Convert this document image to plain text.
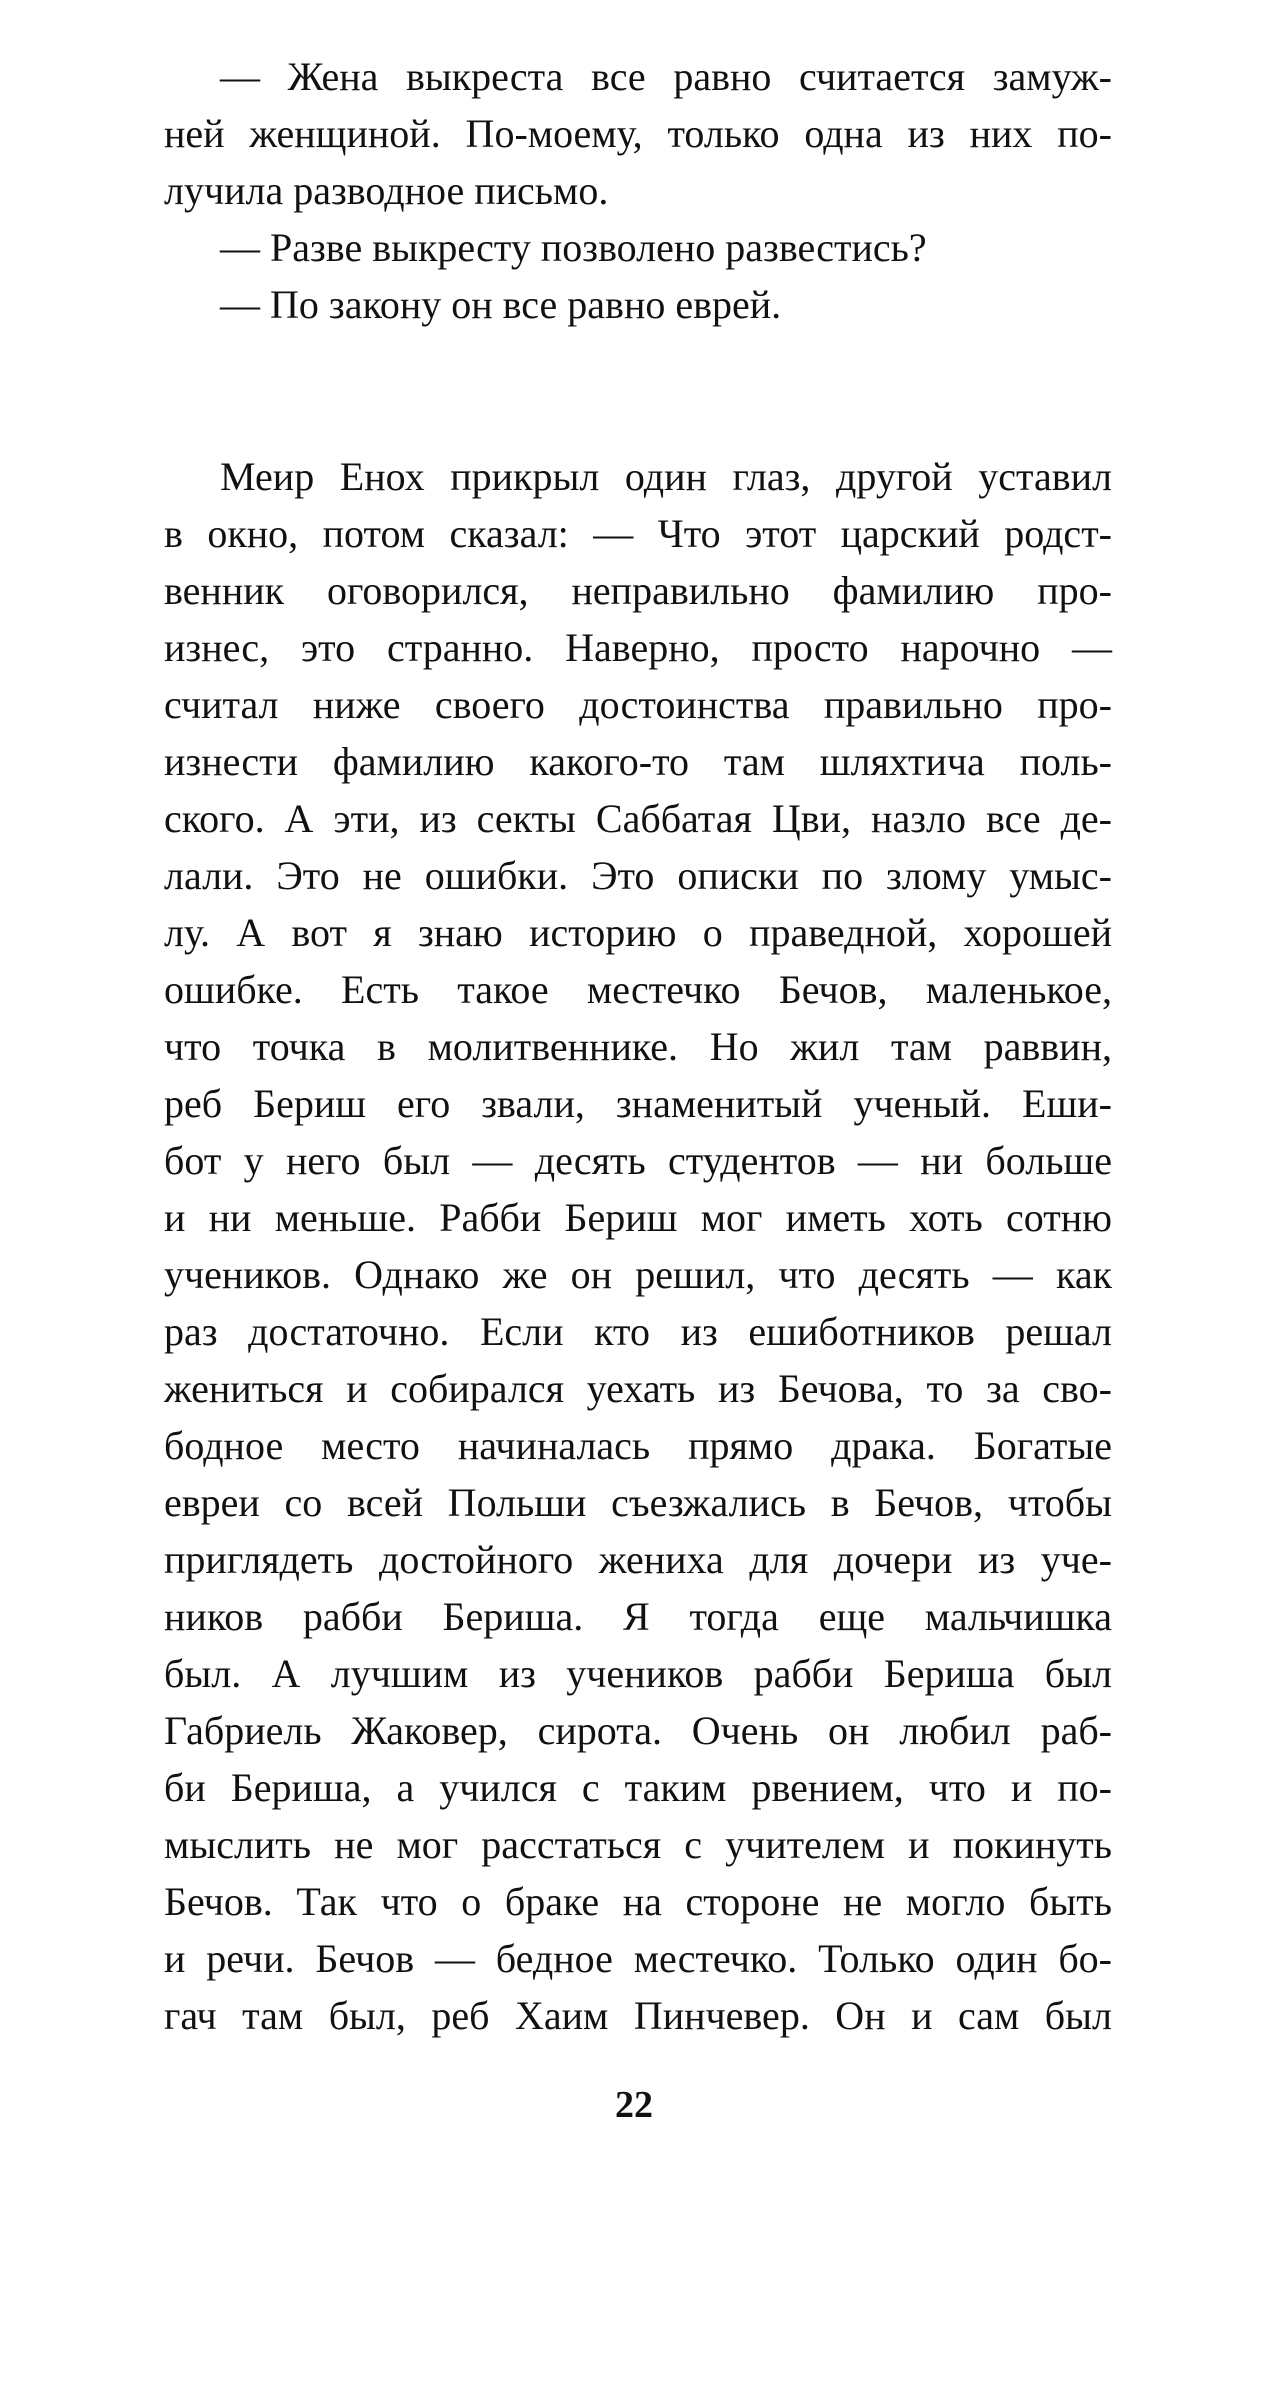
— Жена выкреста все равно считается замуж-
ней женщиной. По-моему, только одна из них по-
лучила разводное письмо.
— Разве выкресту позволено развестись?
— По закону он все равно еврей.
Меир Енох прикрыл один глаз, другой уставил
в окно, потом сказал: — Что этот царский родст-
венник оговорился, неправильно фамилию про-
изнес, это странно. Наверно, просто нарочно —
считал ниже своего достоинства правильно про-
изнести фамилию какого-то там шляхтича поль-
ского. А эти, из секты Саббатая Цви, назло все де-
лали. Это не ошибки. Это описки по злому умыс-
лу. А вот я знаю историю о праведной, хорошей
ошибке. Есть такое местечко Бечов, маленькое,
что точка в молитвеннике. Но жил там раввин,
реб Бериш его звали, знаменитый ученый. Еши-
бот у него был — десять студентов — ни больше
и ни меньше. Рабби Бериш мог иметь хоть сотню
учеников. Однако же он решил, что десять — как
раз достаточно. Если кто из ешиботников решал
жениться и собирался уехать из Бечова, то за сво-
бодное место начиналась прямо драка. Богатые
евреи со всей Польши съезжались в Бечов, чтобы
приглядеть достойного жениха для дочери из уче-
ников рабби Бериша. Я тогда еще мальчишка
был. А лучшим из учеников рабби Бериша был
Габриель Жаковер, сирота. Очень он любил раб-
би Бериша, а учился с таким рвением, что и по-
мыслить не мог расстаться с учителем и покинуть
Бечов. Так что о браке на стороне не могло быть
и речи. Бечов — бедное местечко. Только один бо-
гач там был, реб Хаим Пинчевер. Он и сам был
22
